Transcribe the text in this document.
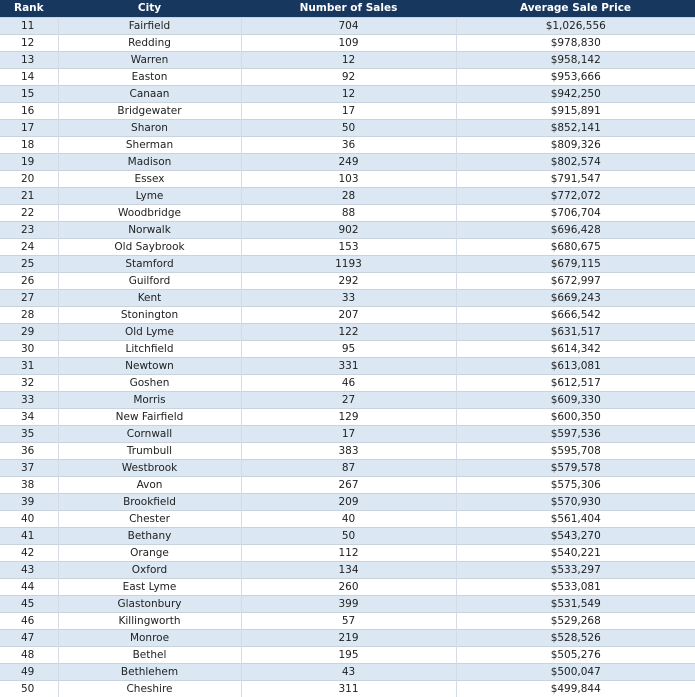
Rank	City	Number of Sales	Average Sale Price
11	Fairfield	704	$1,026,556
12	Redding	109	$978,830
13	Warren	12	$958,142
14	Easton	92	$953,666
15	Canaan	12	$942,250
16	Bridgewater	17	$915,891
17	Sharon	50	$852,141
18	Sherman	36	$809,326
19	Madison	249	$802,574
20	Essex	103	$791,547
21	Lyme	28	$772,072
22	Woodbridge	88	$706,704
23	Norwalk	902	$696,428
24	Old Saybrook	153	$680,675
25	Stamford	1193	$679,115
26	Guilford	292	$672,997
27	Kent	33	$669,243
28	Stonington	207	$666,542
29	Old Lyme	122	$631,517
30	Litchfield	95	$614,342
31	Newtown	331	$613,081
32	Goshen	46	$612,517
33	Morris	27	$609,330
34	New Fairfield	129	$600,350
35	Cornwall	17	$597,536
36	Trumbull	383	$595,708
37	Westbrook	87	$579,578
38	Avon	267	$575,306
39	Brookfield	209	$570,930
40	Chester	40	$561,404
41	Bethany	50	$543,270
42	Orange	112	$540,221
43	Oxford	134	$533,297
44	East Lyme	260	$533,081
45	Glastonbury	399	$531,549
46	Killingworth	57	$529,268
47	Monroe	219	$528,526
48	Bethel	195	$505,276
49	Bethlehem	43	$500,047
50	Cheshire	311	$499,844
